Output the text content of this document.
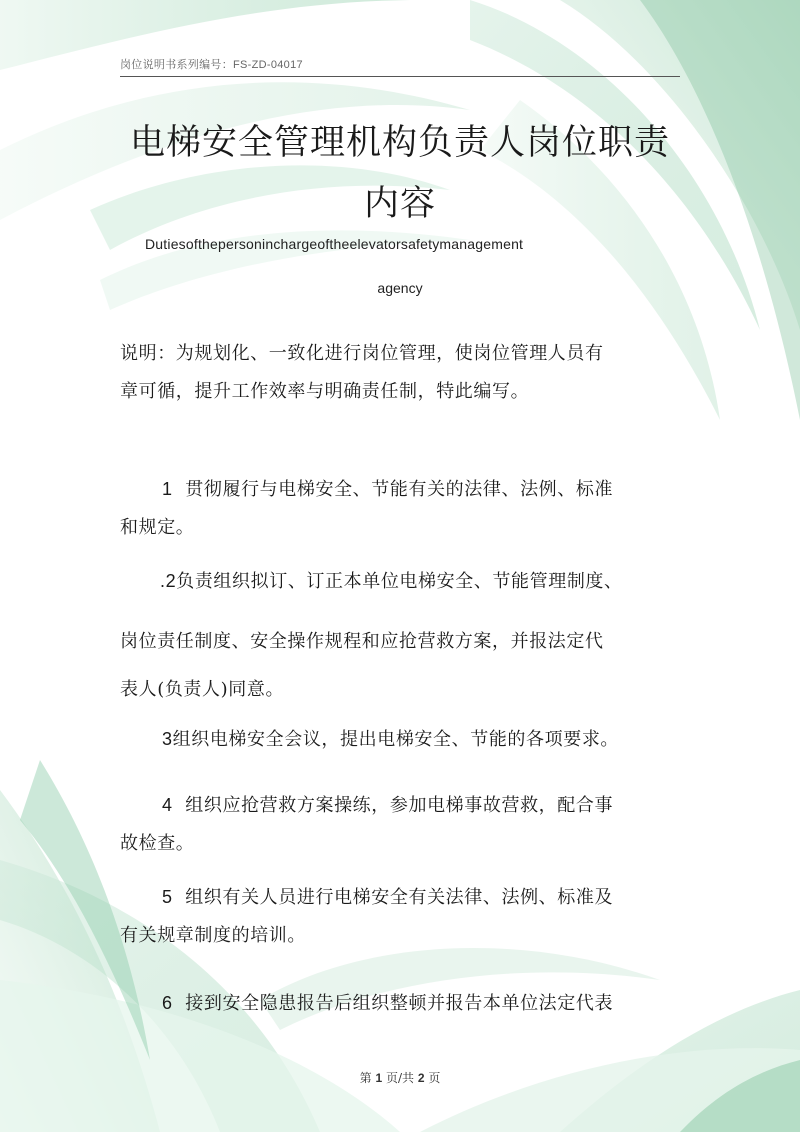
岗位说明书系列编号：FS-ZD-04017
电梯安全管理机构负责人岗位职责
内容
Dutiesofthepersoninchargeoftheelevatorsafetymanagement
agency
说明：为规划化、一致化进行岗位管理，使岗位管理人员有
章可循，提升工作效率与明确责任制，特此编写。
1 贯彻履行与电梯安全、节能有关的法律、法例、标准
和规定。
.2负责组织拟订、订正本单位电梯安全、节能管理制度、
岗位责任制度、安全操作规程和应抢营救方案，并报法定代
表人(负责人)同意。
3组织电梯安全会议，提出电梯安全、节能的各项要求。
4 组织应抢营救方案操练，参加电梯事故营救，配合事
故检查。
5 组织有关人员进行电梯安全有关法律、法例、标准及
有关规章制度的培训。
6 接到安全隐患报告后组织整顿并报告本单位法定代表
第 1 页/共 2 页
